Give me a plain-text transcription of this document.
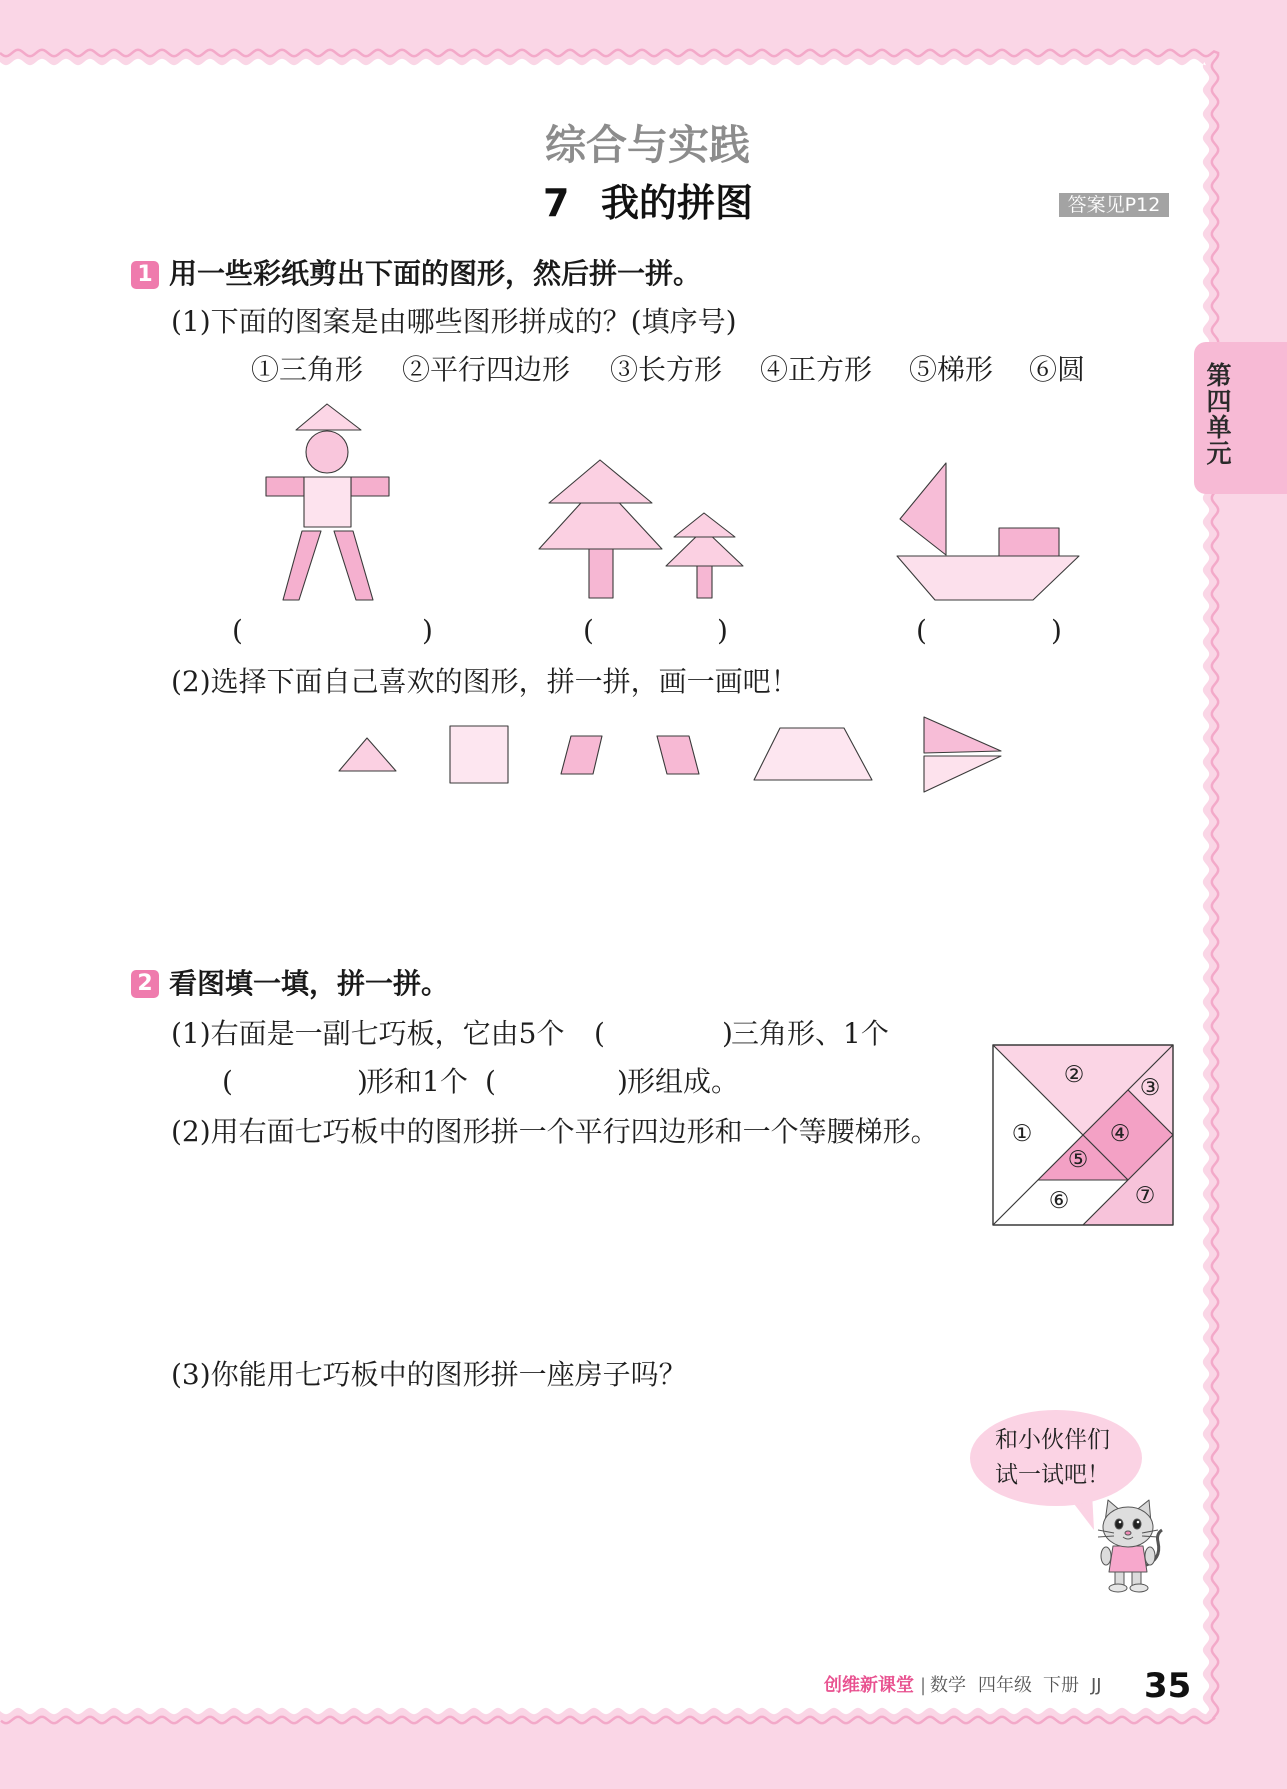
①
② ③
④
⑤
⑥	⑦
综合与实践
7 我的拼图	答案见P12
第四单元
1 用一些彩纸剪出下面的图形，然后拼一拼。
(1)下面的图案是由哪些图形拼成的？(填序号)
①三角形 ②平行四边形 ③长方形 ④正方形 ⑤梯形 ⑥圆
(	)	(	)	(	)
(2)选择下面自己喜欢的图形，拼一拼，画一画吧！
2 看图填一填，拼一拼。
(1)右面是一副七巧板，它由5个 (	)
三角形、1个
(	)
形和1个 (	) 形组成。
(2)用右面七巧板中的图形拼一个平行四边形和一个等腰梯形。
(3)你能用七巧板中的图形拼一座房子吗？
和小伙伴们
试一试吧！
创维新课堂 | 数学 四年级 下册 JJ 35
